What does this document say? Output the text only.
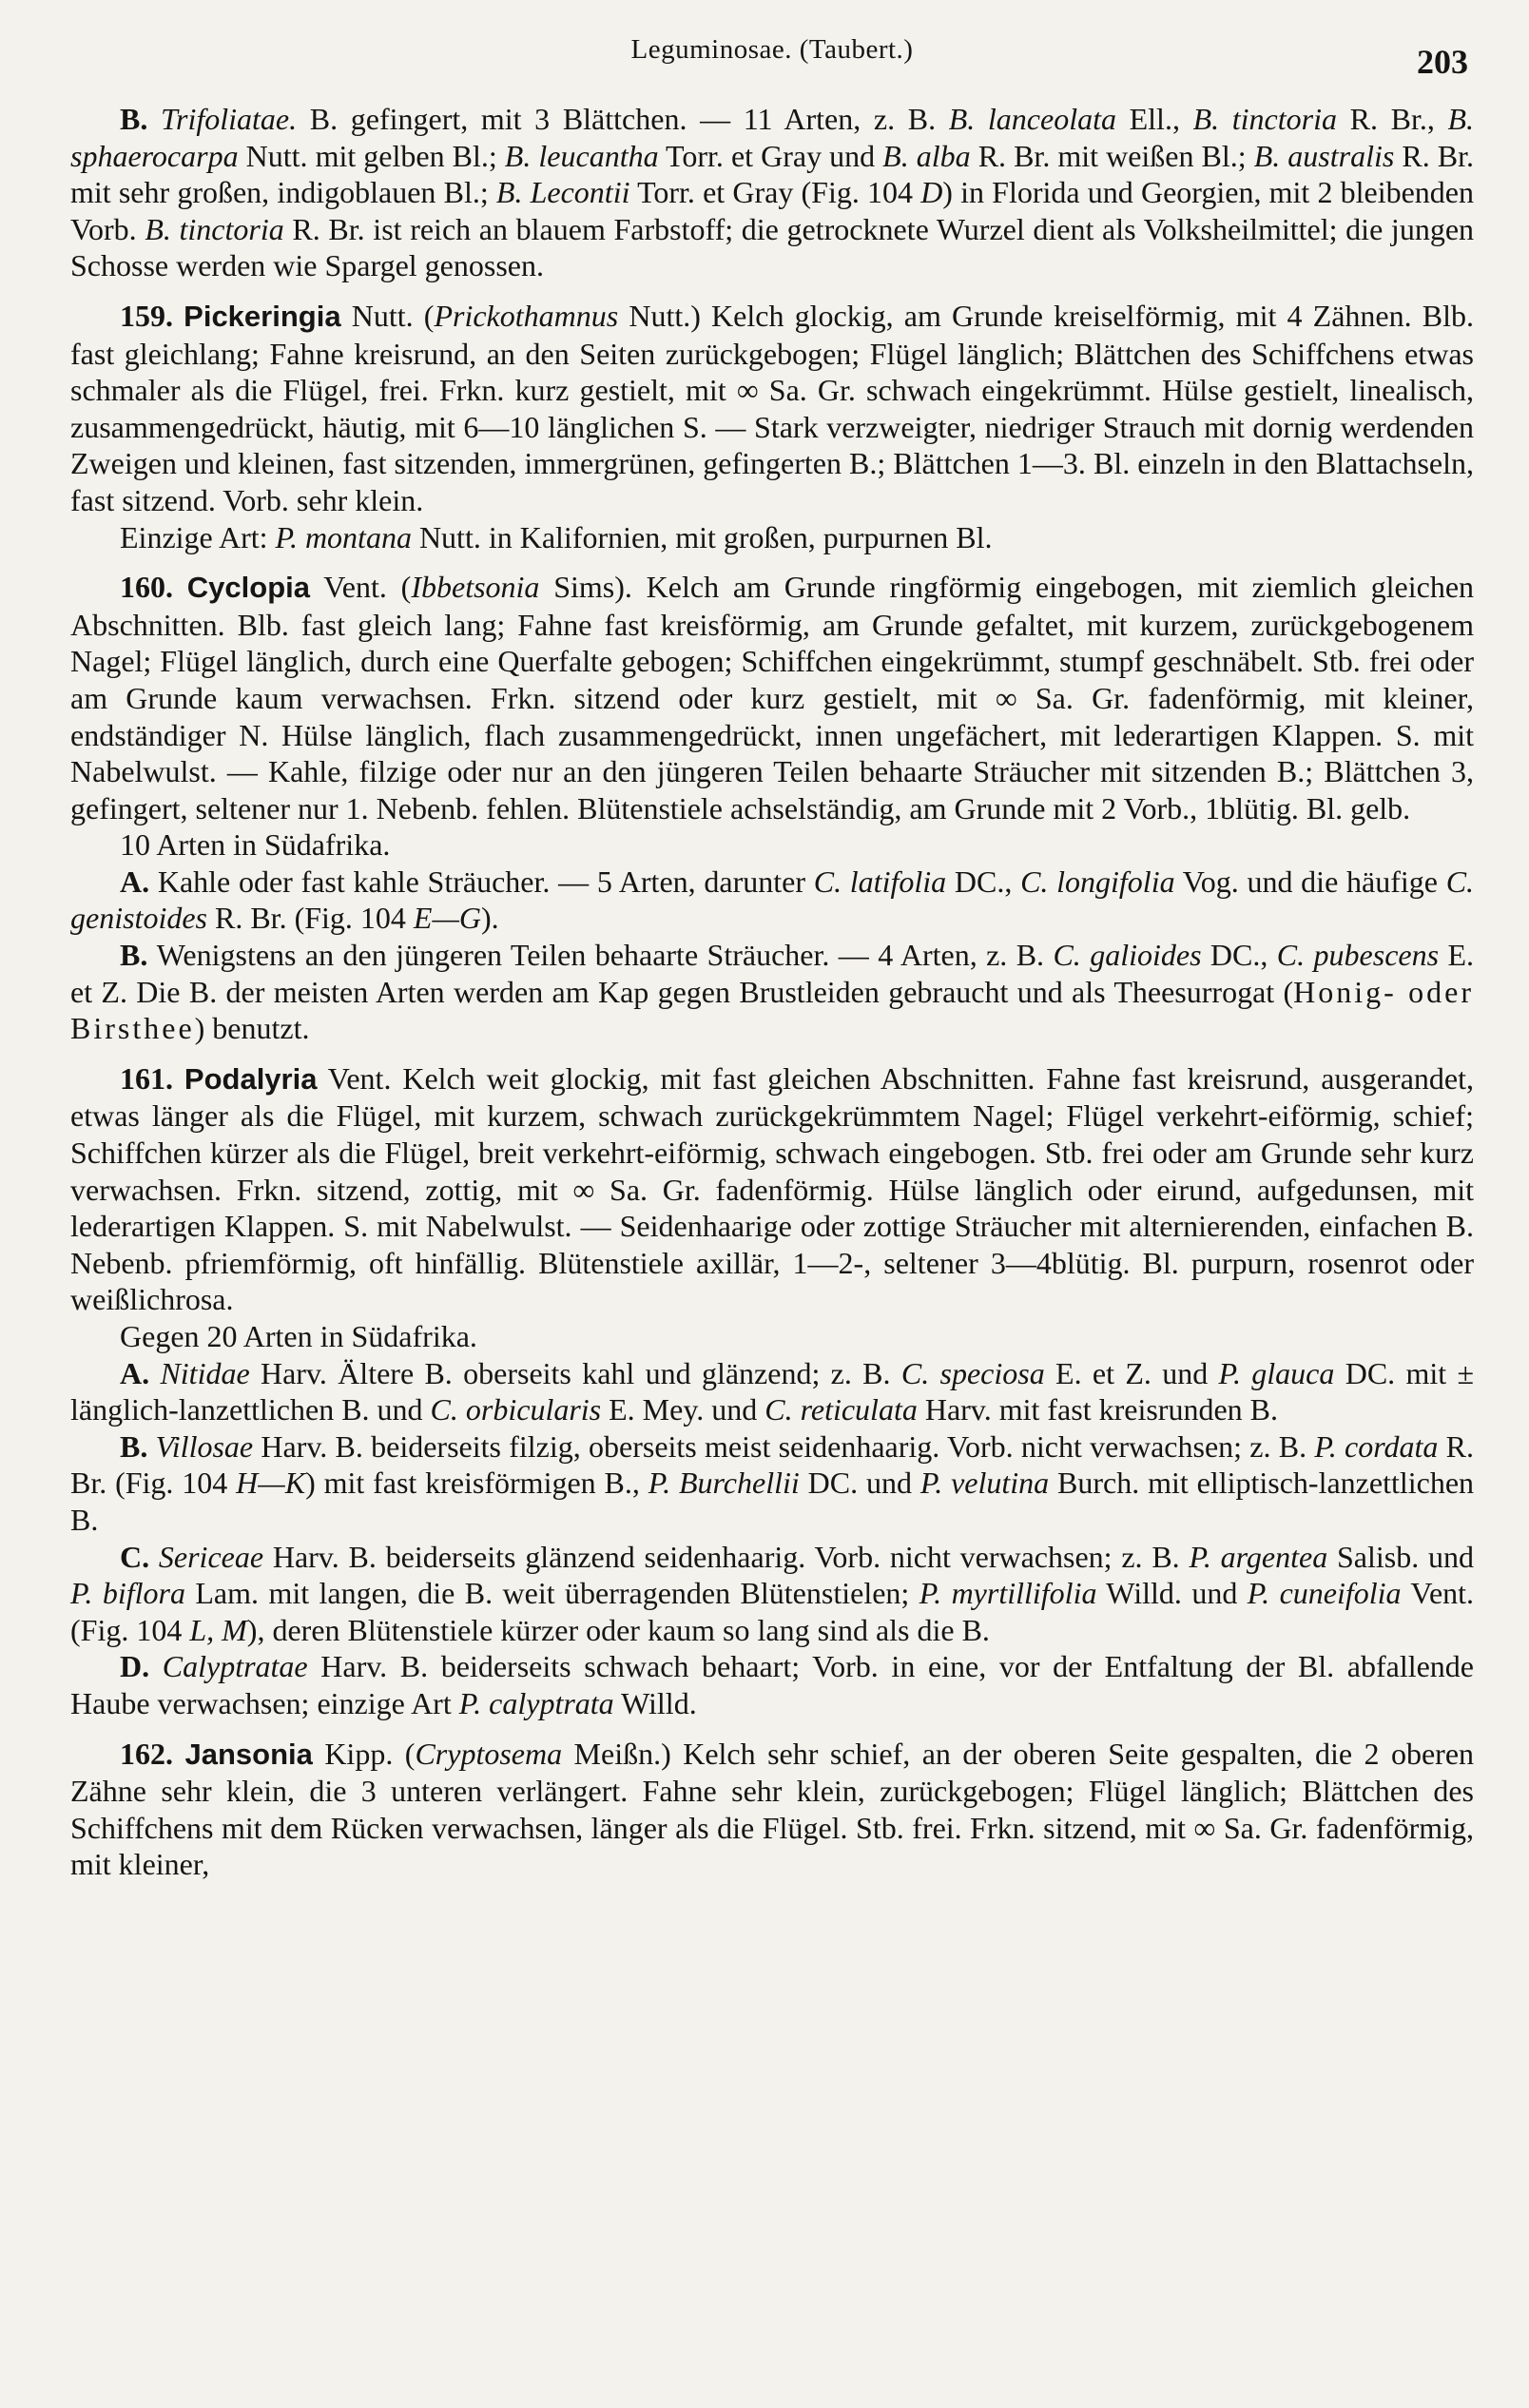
Leguminosae. (Taubert.)	203

B. Trifoliatae. B. gefingert, mit 3 Blättchen. — 11 Arten, z. B. B. lanceolata Ell., B. tinctoria R. Br., B. sphaerocarpa Nutt. mit gelben Bl.; B. leucantha Torr. et Gray und B. alba R. Br. mit weißen Bl.; B. australis R. Br. mit sehr großen, indigoblauen Bl.; B. Lecontii Torr. et Gray (Fig. 104 D) in Florida und Georgien, mit 2 bleibenden Vorb. B. tinctoria R. Br. ist reich an blauem Farbstoff; die getrocknete Wurzel dient als Volksheilmittel; die jungen Schosse werden wie Spargel genossen.

159. Pickeringia Nutt. (Prickothamnus Nutt.) Kelch glockig, am Grunde kreiselförmig, mit 4 Zähnen. Blb. fast gleichlang; Fahne kreisrund, an den Seiten zurückgebogen; Flügel länglich; Blättchen des Schiffchens etwas schmaler als die Flügel, frei. Frkn. kurz gestielt, mit ∞ Sa. Gr. schwach eingekrümmt. Hülse gestielt, linealisch, zusammengedrückt, häutig, mit 6—10 länglichen S. — Stark verzweigter, niedriger Strauch mit dornig werdenden Zweigen und kleinen, fast sitzenden, immergrünen, gefingerten B.; Blättchen 1—3. Bl. einzeln in den Blattachseln, fast sitzend. Vorb. sehr klein.

Einzige Art: P. montana Nutt. in Kalifornien, mit großen, purpurnen Bl.

160. Cyclopia Vent. (Ibbetsonia Sims). Kelch am Grunde ringförmig eingebogen, mit ziemlich gleichen Abschnitten. Blb. fast gleich lang; Fahne fast kreisförmig, am Grunde gefaltet, mit kurzem, zurückgebogenem Nagel; Flügel länglich, durch eine Querfalte gebogen; Schiffchen eingekrümmt, stumpf geschnäbelt. Stb. frei oder am Grunde kaum verwachsen. Frkn. sitzend oder kurz gestielt, mit ∞ Sa. Gr. fadenförmig, mit kleiner, endständiger N. Hülse länglich, flach zusammengedrückt, innen ungefächert, mit lederartigen Klappen. S. mit Nabelwulst. — Kahle, filzige oder nur an den jüngeren Teilen behaarte Sträucher mit sitzenden B.; Blättchen 3, gefingert, seltener nur 1. Nebenb. fehlen. Blütenstiele achselständig, am Grunde mit 2 Vorb., 1blütig. Bl. gelb.

10 Arten in Südafrika.

A. Kahle oder fast kahle Sträucher. — 5 Arten, darunter C. latifolia DC., C. longifolia Vog. und die häufige C. genistoides R. Br. (Fig. 104 E—G).

B. Wenigstens an den jüngeren Teilen behaarte Sträucher. — 4 Arten, z. B. C. galioides DC., C. pubescens E. et Z. Die B. der meisten Arten werden am Kap gegen Brustleiden gebraucht und als Theesurrogat (Honig- oder Birsthee) benutzt.

161. Podalyria Vent. Kelch weit glockig, mit fast gleichen Abschnitten. Fahne fast kreisrund, ausgerandet, etwas länger als die Flügel, mit kurzem, schwach zurückgekrümmtem Nagel; Flügel verkehrt-eiförmig, schief; Schiffchen kürzer als die Flügel, breit verkehrt-eiförmig, schwach eingebogen. Stb. frei oder am Grunde sehr kurz verwachsen. Frkn. sitzend, zottig, mit ∞ Sa. Gr. fadenförmig. Hülse länglich oder eirund, aufgedunsen, mit lederartigen Klappen. S. mit Nabelwulst. — Seidenhaarige oder zottige Sträucher mit alternierenden, einfachen B. Nebenb. pfriemförmig, oft hinfällig. Blütenstiele axillär, 1—2-, seltener 3—4blütig. Bl. purpurn, rosenrot oder weißlichrosa.

Gegen 20 Arten in Südafrika.

A. Nitidae Harv. Ältere B. oberseits kahl und glänzend; z. B. C. speciosa E. et Z. und P. glauca DC. mit ± länglich-lanzettlichen B. und C. orbicularis E. Mey. und C. reticulata Harv. mit fast kreisrunden B.

B. Villosae Harv. B. beiderseits filzig, oberseits meist seidenhaarig. Vorb. nicht verwachsen; z. B. P. cordata R. Br. (Fig. 104 H—K) mit fast kreisförmigen B., P. Burchellii DC. und P. velutina Burch. mit elliptisch-lanzettlichen B.

C. Sericeae Harv. B. beiderseits glänzend seidenhaarig. Vorb. nicht verwachsen; z. B. P. argentea Salisb. und P. biflora Lam. mit langen, die B. weit überragenden Blütenstielen; P. myrtillifolia Willd. und P. cuneifolia Vent. (Fig. 104 L, M), deren Blütenstiele kürzer oder kaum so lang sind als die B.

D. Calyptratae Harv. B. beiderseits schwach behaart; Vorb. in eine, vor der Entfaltung der Bl. abfallende Haube verwachsen; einzige Art P. calyptrata Willd.

162. Jansonia Kipp. (Cryptosema Meißn.) Kelch sehr schief, an der oberen Seite gespalten, die 2 oberen Zähne sehr klein, die 3 unteren verlängert. Fahne sehr klein, zurückgebogen; Flügel länglich; Blättchen des Schiffchens mit dem Rücken verwachsen, länger als die Flügel. Stb. frei. Frkn. sitzend, mit ∞ Sa. Gr. fadenförmig, mit kleiner,
